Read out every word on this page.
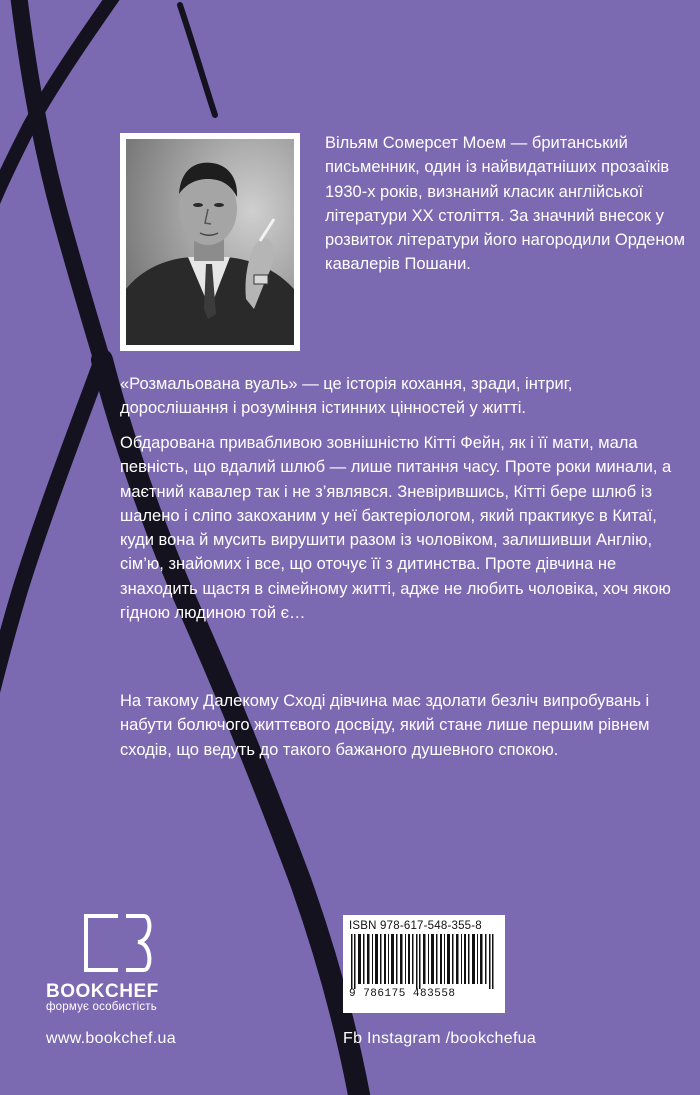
Вільям Сомерсет Моем — британський письменник, один із найвидатніших прозаїків 1930-х років, визнаний класик англійської літератури XX століття. За значний внесок у розвиток літератури його нагородили Орденом кавалерів Пошани.

«Розмальована вуаль» — це історія кохання, зради, інтриг, дорослішання і розуміння істинних цінностей у житті.

Обдарована привабливою зовнішністю Кітті Фейн, як і її мати, мала певність, що вдалий шлюб — лише питання часу. Проте роки минали, а маєтний кавалер так і не з’являвся. Зневірившись, Кітті бере шлюб із шалено і сліпо закоханим у неї бактеріологом, який практикує в Китаї, куди вона й мусить вирушити разом із чоловіком, залишивши Англію, сім’ю, знайомих і все, що оточує її з дитинства. Проте дівчина не знаходить щастя в сімейному житті, адже не любить чоловіка, хоч якою гідною людиною той є…

На такому Далекому Сході дівчина має здолати безліч випробувань і набути болючого життєвого досвіду, який стане лише першим рівнем сходів, що ведуть до такого бажаного душевного спокою.

BOOKCHEF
формує особистість
ISBN 978-617-548-355-8
9 786175 483558
www.bookchef.ua	Fb Instagram /bookchefua
